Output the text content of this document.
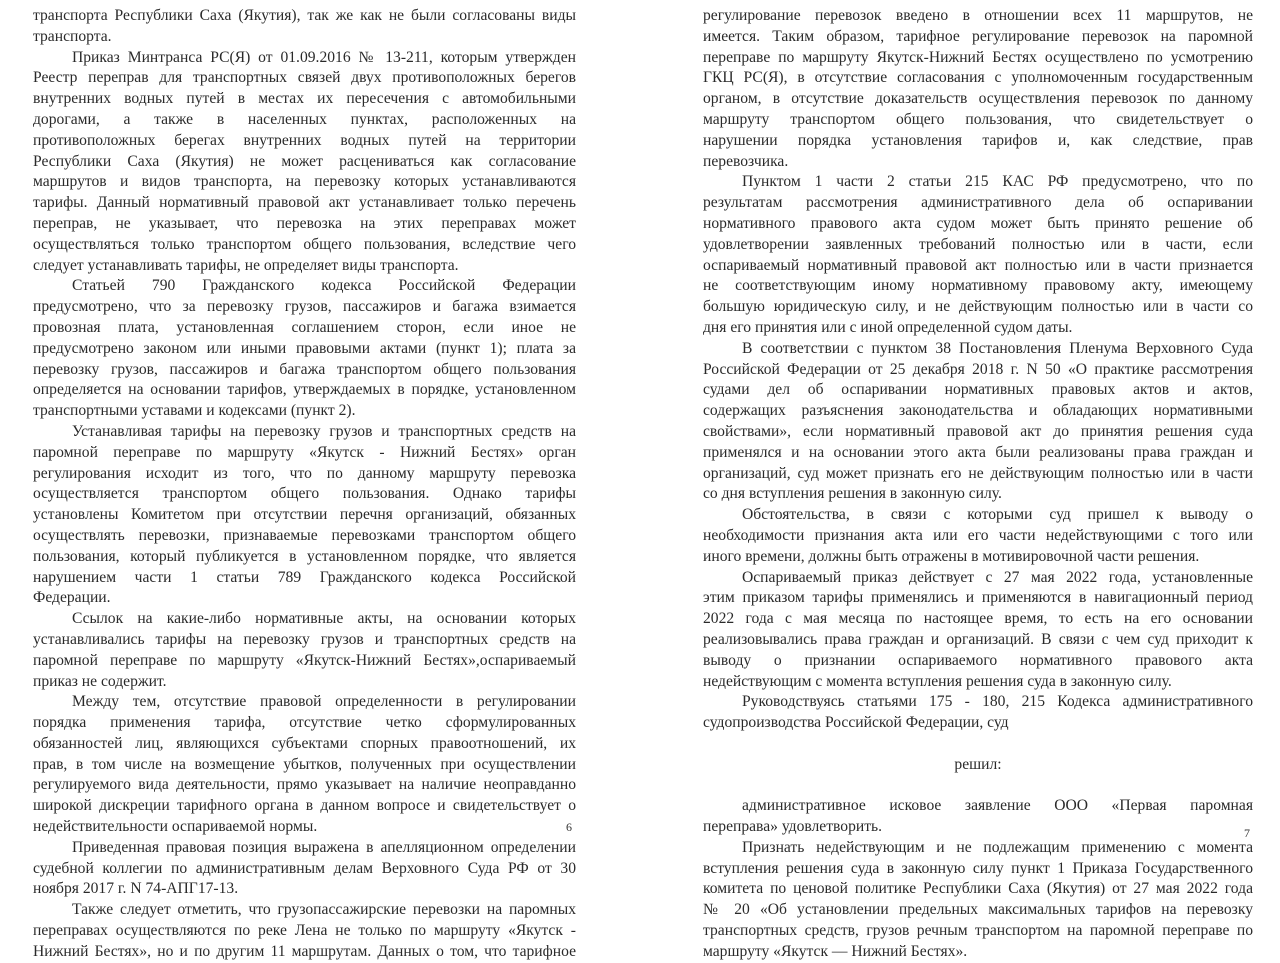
транспорта Республики Саха (Якутия), так же как не были согласованы виды
транспорта.
Приказ Минтранса РС(Я) от 01.09.2016 № 13-211, которым утвержден
Реестр переправ для транспортных связей двух противоположных берегов
внутренних водных путей в местах их пересечения с автомобильными
дорогами, а также в населенных пунктах, расположенных на
противоположных берегах внутренних водных путей на территории
Республики Саха (Якутия) не может расцениваться как согласование
маршрутов и видов транспорта, на перевозку которых устанавливаются
тарифы. Данный нормативный правовой акт устанавливает только перечень
переправ, не указывает, что перевозка на этих переправах может
осуществляться только транспортом общего пользования, вследствие чего
следует устанавливать тарифы, не определяет виды транспорта.
Статьей 790 Гражданского кодекса Российской Федерации
предусмотрено, что за перевозку грузов, пассажиров и багажа взимается
провозная плата, установленная соглашением сторон, если иное не
предусмотрено законом или иными правовыми актами (пункт 1); плата за
перевозку грузов, пассажиров и багажа транспортом общего пользования
определяется на основании тарифов, утверждаемых в порядке, установленном
транспортными уставами и кодексами (пункт 2).
Устанавливая тарифы на перевозку грузов и транспортных средств на
паромной переправе по маршруту «Якутск - Нижний Бестях» орган
регулирования исходит из того, что по данному маршруту перевозка
осуществляется транспортом общего пользования. Однако тарифы
установлены Комитетом при отсутствии перечня организаций, обязанных
осуществлять перевозки, признаваемые перевозками транспортом общего
пользования, который публикуется в установленном порядке, что является
нарушением части 1 статьи 789 Гражданского кодекса Российской
Федерации.
Ссылок на какие-либо нормативные акты, на основании которых
устанавливались тарифы на перевозку грузов и транспортных средств на
паромной переправе по маршруту «Якутск-Нижний Бестях»,оспариваемый
приказ не содержит.
Между тем, отсутствие правовой определенности в регулировании
порядка применения тарифа, отсутствие четко сформулированных
обязанностей лиц, являющихся субъектами спорных правоотношений, их
прав, в том числе на возмещение убытков, полученных при осуществлении
регулируемого вида деятельности, прямо указывает на наличие неоправданно
широкой дискреции тарифного органа в данном вопросе и свидетельствует о
недействительности оспариваемой нормы.
Приведенная правовая позиция выражена в апелляционном определении
судебной коллегии по административным делам Верховного Суда РФ от 30
ноября 2017 г. N 74-АПГ17-13.
Также следует отметить, что грузопассажирские перевозки на паромных
переправах осуществляются по реке Лена не только по маршруту «Якутск -
Нижний Бестях», но и по другим 11 маршрутам. Данных о том, что тарифное
6
регулирование перевозок введено в отношении всех 11 маршрутов, не
имеется. Таким образом, тарифное регулирование перевозок на паромной
переправе по маршруту Якутск-Нижний Бестях осуществлено по усмотрению
ГКЦ РС(Я), в отсутствие согласования с уполномоченным государственным
органом, в отсутствие доказательств осуществления перевозок по данному
маршруту транспортом общего пользования, что свидетельствует о
нарушении порядка установления тарифов и, как следствие, прав
перевозчика.
Пунктом 1 части 2 статьи 215 КАС РФ предусмотрено, что по
результатам рассмотрения административного дела об оспаривании
нормативного правового акта судом может быть принято решение об
удовлетворении заявленных требований полностью или в части, если
оспариваемый нормативный правовой акт полностью или в части признается
не соответствующим иному нормативному правовому акту, имеющему
большую юридическую силу, и не действующим полностью или в части со
дня его принятия или с иной определенной судом даты.
В соответствии с пунктом 38 Постановления Пленума Верховного Суда
Российской Федерации от 25 декабря 2018 г. N 50 «О практике рассмотрения
судами дел об оспаривании нормативных правовых актов и актов,
содержащих разъяснения законодательства и обладающих нормативными
свойствами», если нормативный правовой акт до принятия решения суда
применялся и на основании этого акта были реализованы права граждан и
организаций, суд может признать его не действующим полностью или в части
со дня вступления решения в законную силу.
Обстоятельства, в связи с которыми суд пришел к выводу о
необходимости признания акта или его части недействующими с того или
иного времени, должны быть отражены в мотивировочной части решения.
Оспариваемый приказ действует с 27 мая 2022 года, установленные
этим приказом тарифы применялись и применяются в навигационный период
2022 года с мая месяца по настоящее время, то есть на его основании
реализовывались права граждан и организаций. В связи с чем суд приходит к
выводу о признании оспариваемого нормативного правового акта
недействующим с момента вступления решения суда в законную силу.
Руководствуясь статьями 175 - 180, 215 Кодекса административного
судопроизводства Российской Федерации, суд
решил:
административное исковое заявление ООО «Первая паромная
переправа» удовлетворить.
Признать недействующим и не подлежащим применению с момента
вступления решения суда в законную силу пункт 1 Приказа Государственного
комитета по ценовой политике Республики Саха (Якутия) от 27 мая 2022 года
№ 20 «Об установлении предельных максимальных тарифов на перевозку
транспортных средств, грузов речным транспортом на паромной переправе по
маршруту «Якутск — Нижний Бестях».
7
